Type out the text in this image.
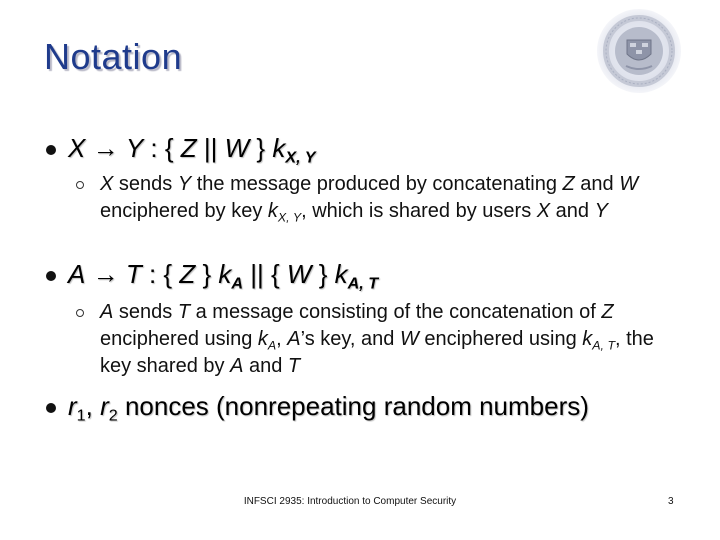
Notation
X → Y : { Z || W } $k_{X, Y}$
X sends Y the message produced by concatenating Z and W enciphered by key $k_{X, Y}$, which is shared by users X and Y
A → T : { Z } $k_A$ || { W } $k_{A, T}$
A sends T a message consisting of the concatenation of Z enciphered using $k_A$, A’s key, and W enciphered using $k_{A, T}$, the key shared by A and T
$r_1$, $r_2$ nonces (nonrepeating random numbers)
INFSCI 2935: Introduction to Computer Security	3
